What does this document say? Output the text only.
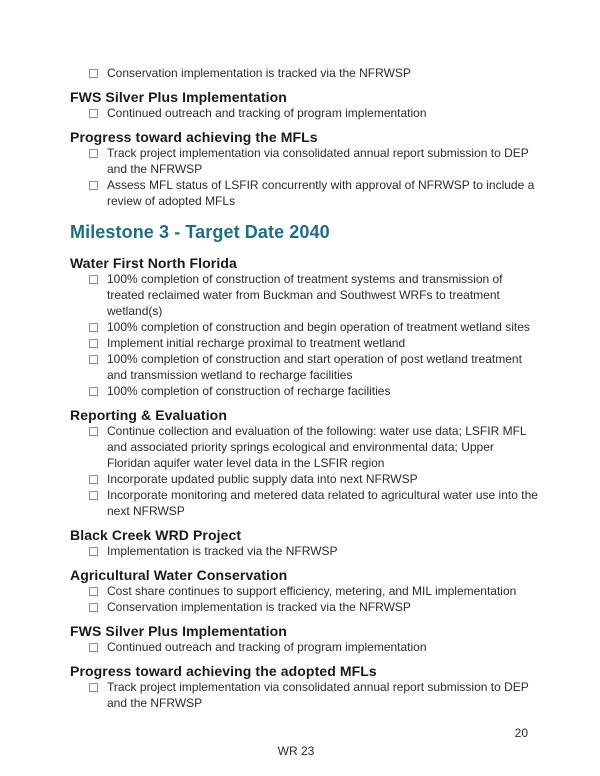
Conservation implementation is tracked via the NFRWSP
FWS Silver Plus Implementation
Continued outreach and tracking of program implementation
Progress toward achieving the MFLs
Track project implementation via consolidated annual report submission to DEP
and the NFRWSP
Assess MFL status of LSFIR concurrently with approval of NFRWSP to include a
review of adopted MFLs
Milestone 3 - Target Date 2040
Water First North Florida
100% completion of construction of treatment systems and transmission of
treated reclaimed water from Buckman and Southwest WRFs to treatment
wetland(s)
100% completion of construction and begin operation of treatment wetland sites
Implement initial recharge proximal to treatment wetland
100% completion of construction and start operation of post wetland treatment
and transmission wetland to recharge facilities
100% completion of construction of recharge facilities
Reporting & Evaluation
Continue collection and evaluation of the following: water use data; LSFIR MFL
and associated priority springs ecological and environmental data; Upper
Floridan aquifer water level data in the LSFIR region
Incorporate updated public supply data into next NFRWSP
Incorporate monitoring and metered data related to agricultural water use into the
next NFRWSP
Black Creek WRD Project
Implementation is tracked via the NFRWSP
Agricultural Water Conservation
Cost share continues to support efficiency, metering, and MIL implementation
Conservation implementation is tracked via the NFRWSP
FWS Silver Plus Implementation
Continued outreach and tracking of program implementation
Progress toward achieving the adopted MFLs
Track project implementation via consolidated annual report submission to DEP
and the NFRWSP
20
WR 23
